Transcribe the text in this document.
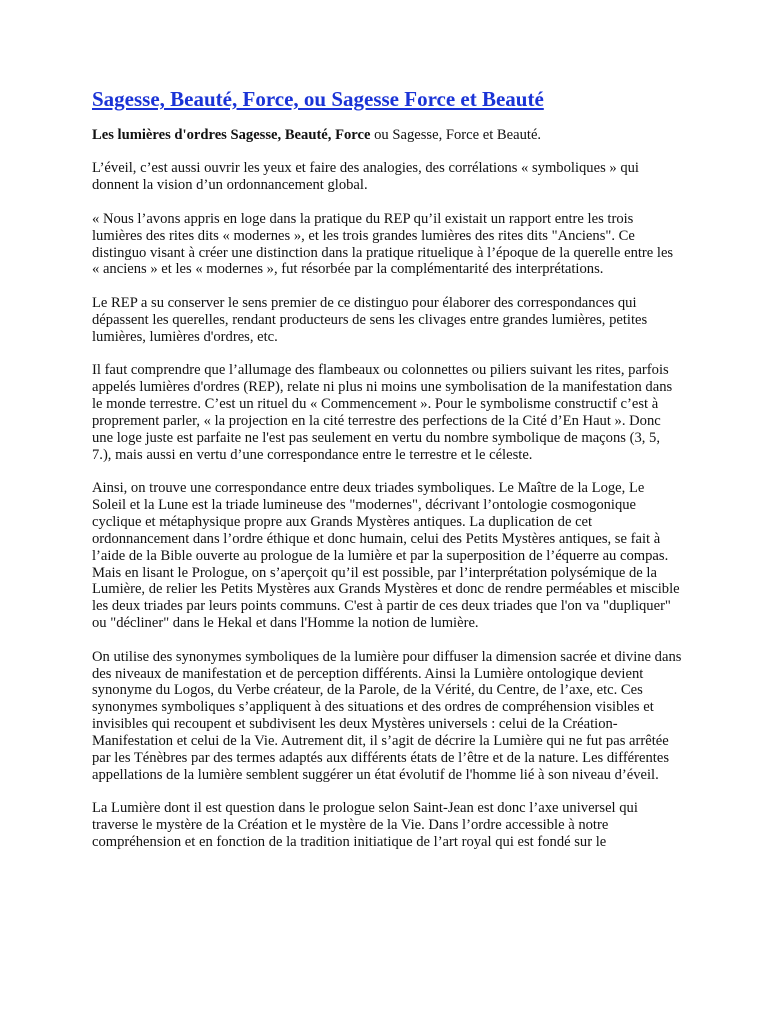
Sagesse, Beauté, Force, ou Sagesse Force et Beauté

Les lumières d'ordres Sagesse, Beauté, Force ou Sagesse, Force et Beauté.

L’éveil, c’est aussi ouvrir les yeux et faire des analogies, des corrélations « symboliques » qui donnent la vision d’un ordonnancement global.

« Nous l’avons appris en loge dans la pratique du REP qu’il existait un rapport entre les trois lumières des rites dits « modernes », et les trois grandes lumières des rites dits "Anciens". Ce distinguo visant à créer une distinction dans la pratique rituelique à l’époque de la querelle entre les « anciens » et les « modernes », fut résorbée par la complémentarité des interprétations.

Le REP a su conserver le sens premier de ce distinguo pour élaborer des correspondances qui dépassent les querelles, rendant producteurs de sens les clivages entre grandes lumières, petites lumières, lumières d'ordres, etc.

Il faut comprendre que l’allumage des flambeaux ou colonnettes ou piliers suivant les rites, parfois appelés lumières d'ordres (REP), relate ni plus ni moins une symbolisation de la manifestation dans le monde terrestre. C’est un rituel du « Commencement ». Pour le symbolisme constructif c’est à proprement parler, « la projection en la cité terrestre des perfections de la Cité d’En Haut ». Donc une loge juste est parfaite ne l'est pas seulement en vertu du nombre symbolique de maçons (3, 5, 7.), mais aussi en vertu d’une correspondance entre le terrestre et le céleste.

Ainsi, on trouve une correspondance entre deux triades symboliques. Le Maître de la Loge, Le Soleil et la Lune est la triade lumineuse des "modernes", décrivant l’ontologie cosmogonique cyclique et métaphysique propre aux Grands Mystères antiques. La duplication de cet ordonnancement dans l’ordre éthique et donc humain, celui des Petits Mystères antiques, se fait à l’aide de la Bible ouverte au prologue de la lumière et par la superposition de l’équerre au compas. Mais en lisant le Prologue, on s’aperçoit qu’il est possible, par l’interprétation polysémique de la Lumière, de relier les Petits Mystères aux Grands Mystères et donc de rendre perméables et miscible les deux triades par leurs points communs. C'est à partir de ces deux triades que l'on va "dupliquer" ou "décliner" dans le Hekal et dans l'Homme la notion de lumière.

On utilise des synonymes symboliques de la lumière pour diffuser la dimension sacrée et divine dans des niveaux de manifestation et de perception différents. Ainsi la Lumière ontologique devient synonyme du Logos, du Verbe créateur, de la Parole, de la Vérité, du Centre, de l’axe, etc. Ces synonymes symboliques s’appliquent à des situations et des ordres de compréhension visibles et invisibles qui recoupent et subdivisent les deux Mystères universels : celui de la Création-Manifestation et celui de la Vie. Autrement dit, il s’agit de décrire la Lumière qui ne fut pas arrêtée par les Ténèbres par des termes adaptés aux différents états de l’être et de la nature. Les différentes appellations de la lumière semblent suggérer un état évolutif de l'homme lié à son niveau d’éveil.

La Lumière dont il est question dans le prologue selon Saint-Jean est donc l’axe universel qui traverse le mystère de la Création et le mystère de la Vie. Dans l’ordre accessible à notre compréhension et en fonction de la tradition initiatique de l’art royal qui est fondé sur le
